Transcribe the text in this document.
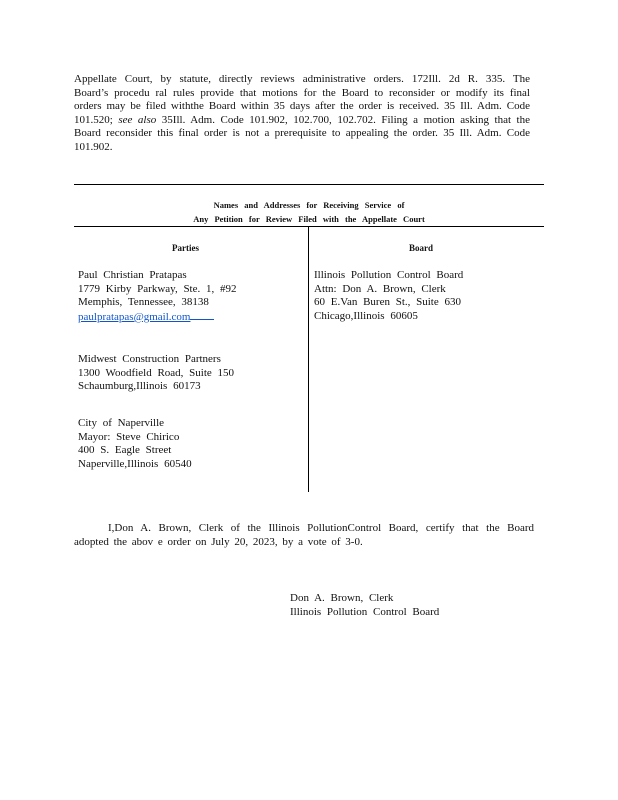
Appellate Court, by statute, directly reviews administrative orders. 172Ill. 2d R. 335. The Board’s procedu ral rules provide that motions for the Board to reconsider or modify its final orders may be filed withthe Board within 35 days after the order is received. 35 Ill. Adm. Code 101.520; see also 35Ill. Adm. Code 101.902, 102.700, 102.702. Filing a motion asking that the Board reconsider this final order is not a prerequisite to appealing the order. 35 Ill. Adm. Code 101.902.

Names and Addresses for Receiving Service of
Any Petition for Review Filed with the Appellate Court
Parties	Board
Paul Christian Pratapas
1779 Kirby Parkway, Ste. 1, #92
Memphis, Tennessee, 38138
paulpratapas@gmail.com
Midwest Construction Partners
1300 Woodfield Road, Suite 150
Schaumburg,Illinois 60173
City of Naperville
Mayor: Steve Chirico
400 S. Eagle Street
Naperville,Illinois 60540
Illinois Pollution Control Board
Attn: Don A. Brown, Clerk
60 E.Van Buren St., Suite 630
Chicago,Illinois 60605

I,Don A. Brown, Clerk of the Illinois PollutionControl Board, certify that the Board adopted the abov e order on July 20, 2023, by a vote of 3-0.

Don A. Brown, Clerk
Illinois Pollution Control Board
